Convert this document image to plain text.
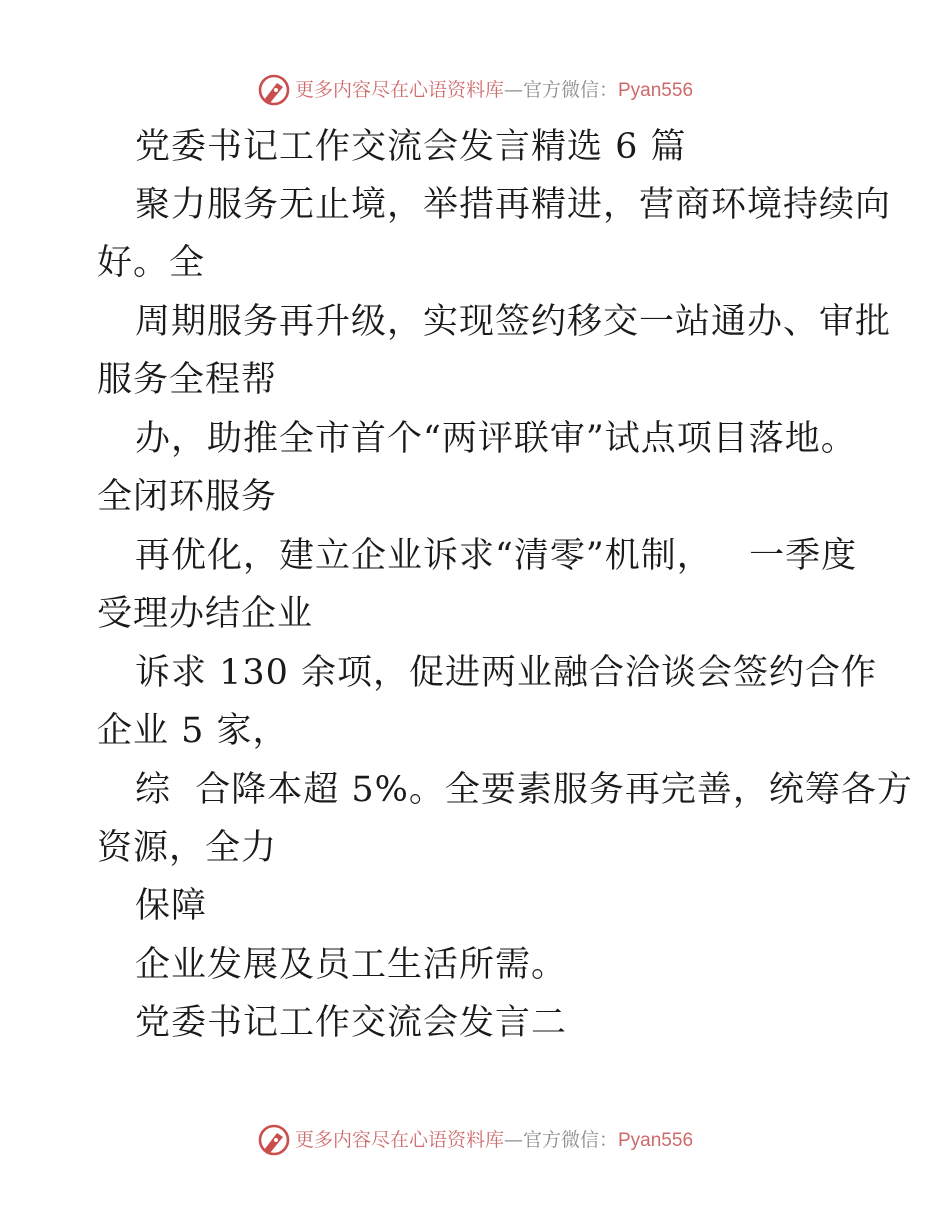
更多内容尽在心语资料库 — 官方微信： Pyan556

党委书记工作交流会发言精选 6 篇

聚力服务无止境，举措再精进，营商环境持续向

好。全

周期服务再升级，实现签约移交一站通办、审批

服务全程帮

办，助推全市首个“两评联审”试点项目落地。

全闭环服务

再优化，建立企业诉求“清零”机制，   一季度

受理办结企业

诉求 130 余项，促进两业融合洽谈会签约合作

企业 5 家，

综  合降本超 5%。全要素服务再完善，统筹各方

资源，全力

保障

企业发展及员工生活所需。

党委书记工作交流会发言二

更多内容尽在心语资料库 — 官方微信： Pyan556
